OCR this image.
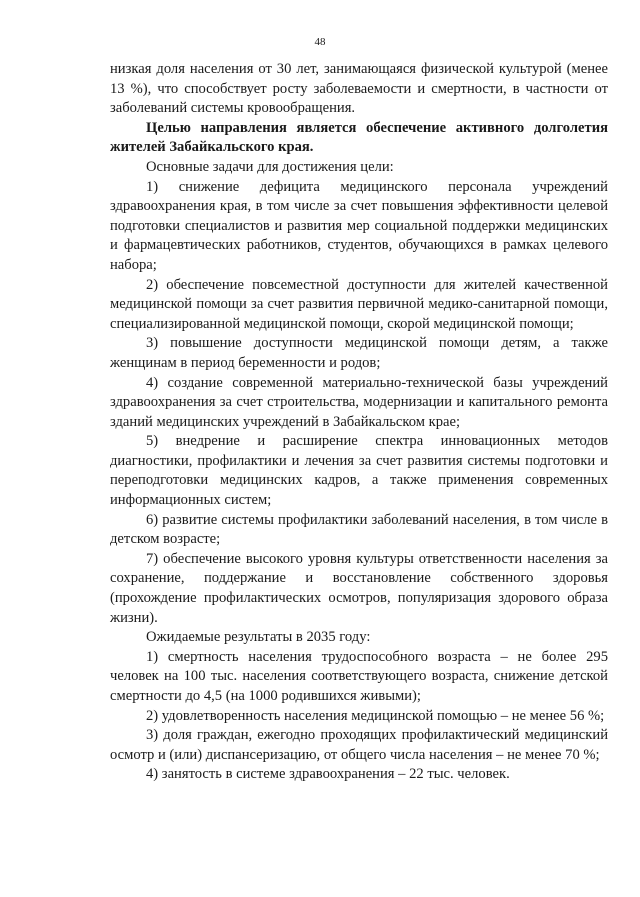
48

низкая доля населения от 30 лет, занимающаяся физической культурой (менее 13 %), что способствует росту заболеваемости и смертности, в частности от заболеваний системы кровообращения.

Целью направления является обеспечение активного долголетия жителей Забайкальского края.

Основные задачи для достижения цели:

1) снижение дефицита медицинского персонала учреждений здравоохранения края, в том числе за счет повышения эффективности целевой подготовки специалистов и развития мер социальной поддержки медицинских и фармацевтических работников, студентов, обучающихся в рамках целевого набора;

2) обеспечение повсеместной доступности для жителей качественной медицинской помощи за счет развития первичной медико-санитарной помощи, специализированной медицинской помощи, скорой медицинской помощи;

3) повышение доступности медицинской помощи детям, а также женщинам в период беременности и родов;

4) создание современной материально-технической базы учреждений здравоохранения за счет строительства, модернизации и капитального ремонта зданий медицинских учреждений в Забайкальском крае;

5) внедрение и расширение спектра инновационных методов диагностики, профилактики и лечения за счет развития системы подготовки и переподготовки медицинских кадров, а также применения современных информационных систем;

6) развитие системы профилактики заболеваний населения, в том числе в детском возрасте;

7) обеспечение высокого уровня культуры ответственности населения за сохранение, поддержание и восстановление собственного здоровья (прохождение профилактических осмотров, популяризация здорового образа жизни).

Ожидаемые результаты в 2035 году:

1) смертность населения трудоспособного возраста – не более 295 человек на 100 тыс. населения соответствующего возраста, снижение детской смертности до 4,5 (на 1000 родившихся живыми);

2) удовлетворенность населения медицинской помощью – не менее 56 %;

3) доля граждан, ежегодно проходящих профилактический медицинский осмотр и (или) диспансеризацию, от общего числа населения – не менее 70 %;

4) занятость в системе здравоохранения – 22 тыс. человек.
